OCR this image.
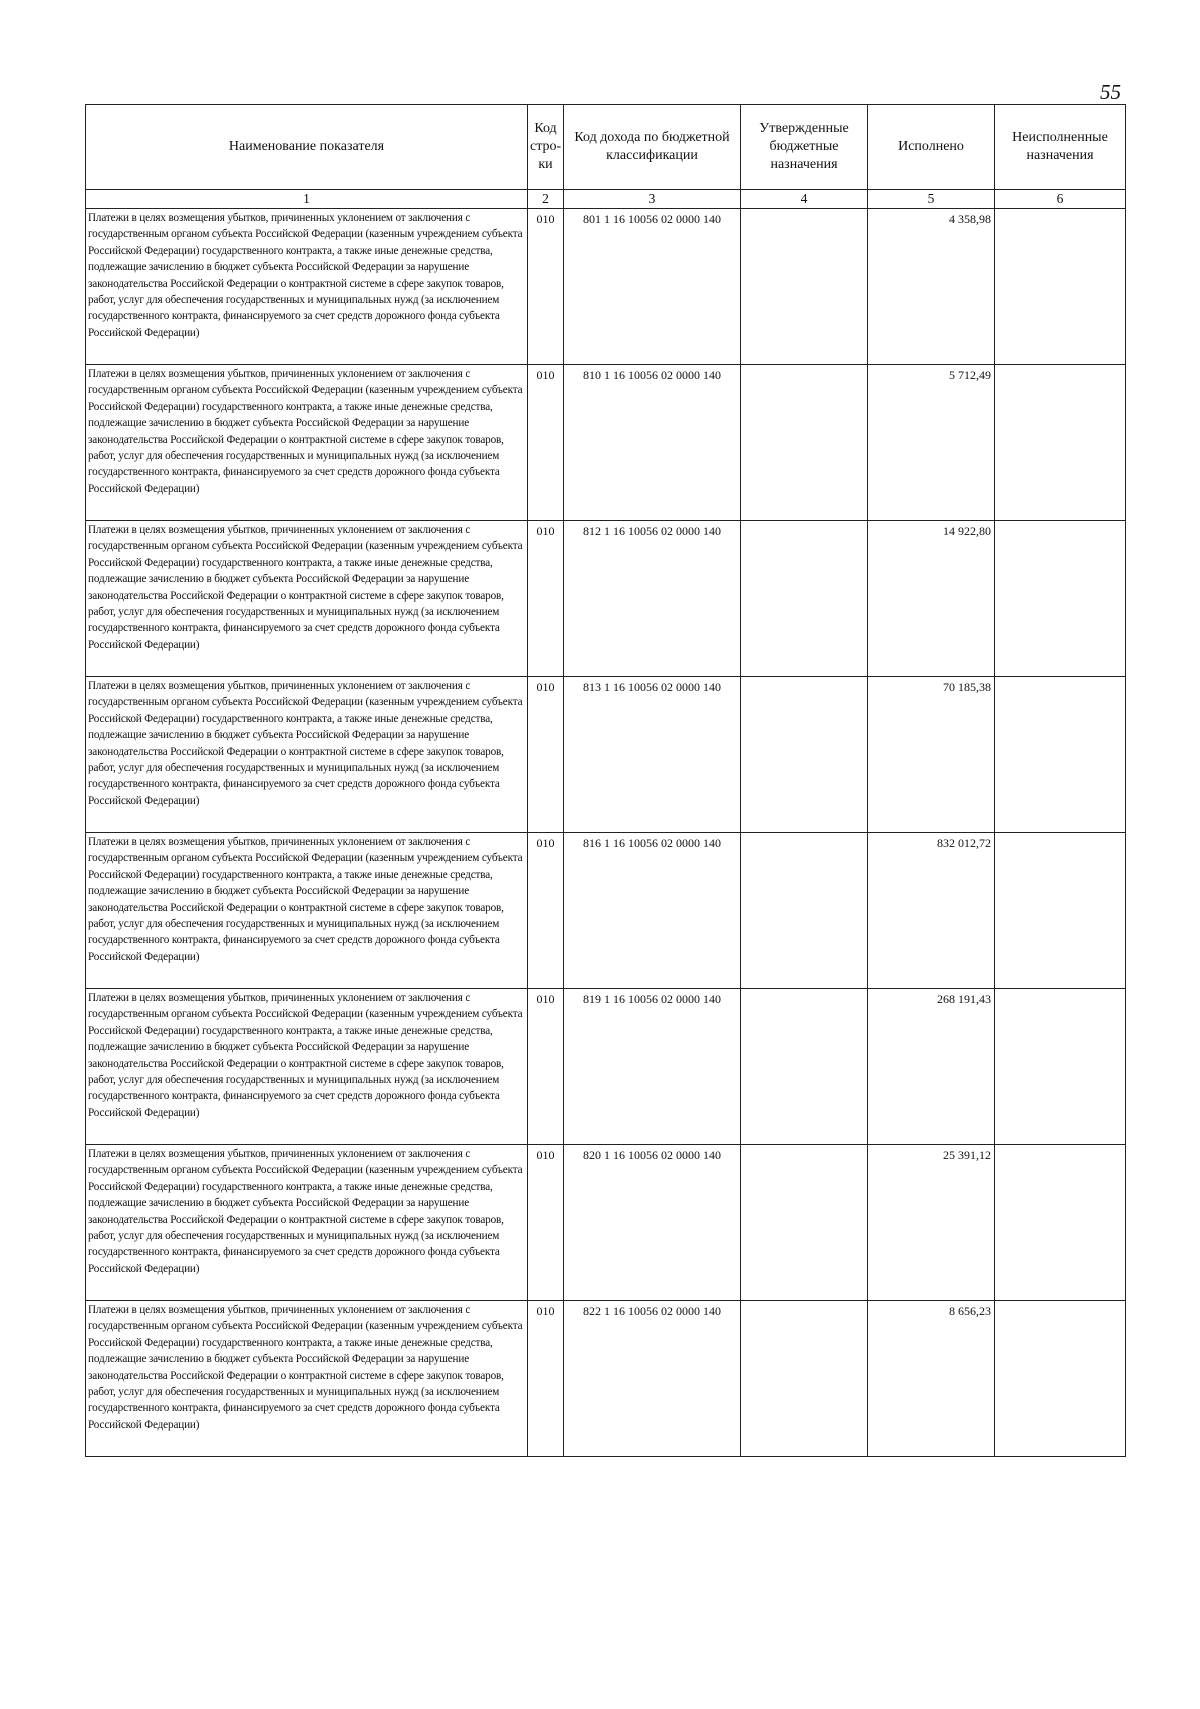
55
Наименование показателя	Код стро-ки	Код дохода по бюджетной классификации	Утвержденные бюджетные назначения	Исполнено	Неисполненные назначения
1	2	3	4	5	6
Платежи в целях возмещения убытков, причиненных уклонением от заключения с государственным органом субъекта Российской Федерации (казенным учреждением субъекта Российской Федерации) государственного контракта, а также иные денежные средства, подлежащие зачислению в бюджет субъекта Российской Федерации за нарушение законодательства Российской Федерации о контрактной системе в сфере закупок товаров, работ, услуг для обеспечения государственных и муниципальных нужд (за исключением государственного контракта, финансируемого за счет средств дорожного фонда субъекта Российской Федерации)	010	801 1 16 10056 02 0000 140		4 358,98	
Платежи в целях возмещения убытков, причиненных уклонением от заключения с государственным органом субъекта Российской Федерации (казенным учреждением субъекта Российской Федерации) государственного контракта, а также иные денежные средства, подлежащие зачислению в бюджет субъекта Российской Федерации за нарушение законодательства Российской Федерации о контрактной системе в сфере закупок товаров, работ, услуг для обеспечения государственных и муниципальных нужд (за исключением государственного контракта, финансируемого за счет средств дорожного фонда субъекта Российской Федерации)	010	810 1 16 10056 02 0000 140		5 712,49	
Платежи в целях возмещения убытков, причиненных уклонением от заключения с государственным органом субъекта Российской Федерации (казенным учреждением субъекта Российской Федерации) государственного контракта, а также иные денежные средства, подлежащие зачислению в бюджет субъекта Российской Федерации за нарушение законодательства Российской Федерации о контрактной системе в сфере закупок товаров, работ, услуг для обеспечения государственных и муниципальных нужд (за исключением государственного контракта, финансируемого за счет средств дорожного фонда субъекта Российской Федерации)	010	812 1 16 10056 02 0000 140		14 922,80	
Платежи в целях возмещения убытков, причиненных уклонением от заключения с государственным органом субъекта Российской Федерации (казенным учреждением субъекта Российской Федерации) государственного контракта, а также иные денежные средства, подлежащие зачислению в бюджет субъекта Российской Федерации за нарушение законодательства Российской Федерации о контрактной системе в сфере закупок товаров, работ, услуг для обеспечения государственных и муниципальных нужд (за исключением государственного контракта, финансируемого за счет средств дорожного фонда субъекта Российской Федерации)	010	813 1 16 10056 02 0000 140		70 185,38	
Платежи в целях возмещения убытков, причиненных уклонением от заключения с государственным органом субъекта Российской Федерации (казенным учреждением субъекта Российской Федерации) государственного контракта, а также иные денежные средства, подлежащие зачислению в бюджет субъекта Российской Федерации за нарушение законодательства Российской Федерации о контрактной системе в сфере закупок товаров, работ, услуг для обеспечения государственных и муниципальных нужд (за исключением государственного контракта, финансируемого за счет средств дорожного фонда субъекта Российской Федерации)	010	816 1 16 10056 02 0000 140		832 012,72	
Платежи в целях возмещения убытков, причиненных уклонением от заключения с государственным органом субъекта Российской Федерации (казенным учреждением субъекта Российской Федерации) государственного контракта, а также иные денежные средства, подлежащие зачислению в бюджет субъекта Российской Федерации за нарушение законодательства Российской Федерации о контрактной системе в сфере закупок товаров, работ, услуг для обеспечения государственных и муниципальных нужд (за исключением государственного контракта, финансируемого за счет средств дорожного фонда субъекта Российской Федерации)	010	819 1 16 10056 02 0000 140		268 191,43	
Платежи в целях возмещения убытков, причиненных уклонением от заключения с государственным органом субъекта Российской Федерации (казенным учреждением субъекта Российской Федерации) государственного контракта, а также иные денежные средства, подлежащие зачислению в бюджет субъекта Российской Федерации за нарушение законодательства Российской Федерации о контрактной системе в сфере закупок товаров, работ, услуг для обеспечения государственных и муниципальных нужд (за исключением государственного контракта, финансируемого за счет средств дорожного фонда субъекта Российской Федерации)	010	820 1 16 10056 02 0000 140		25 391,12	
Платежи в целях возмещения убытков, причиненных уклонением от заключения с государственным органом субъекта Российской Федерации (казенным учреждением субъекта Российской Федерации) государственного контракта, а также иные денежные средства, подлежащие зачислению в бюджет субъекта Российской Федерации за нарушение законодательства Российской Федерации о контрактной системе в сфере закупок товаров, работ, услуг для обеспечения государственных и муниципальных нужд (за исключением государственного контракта, финансируемого за счет средств дорожного фонда субъекта Российской Федерации)	010	822 1 16 10056 02 0000 140		8 656,23	
